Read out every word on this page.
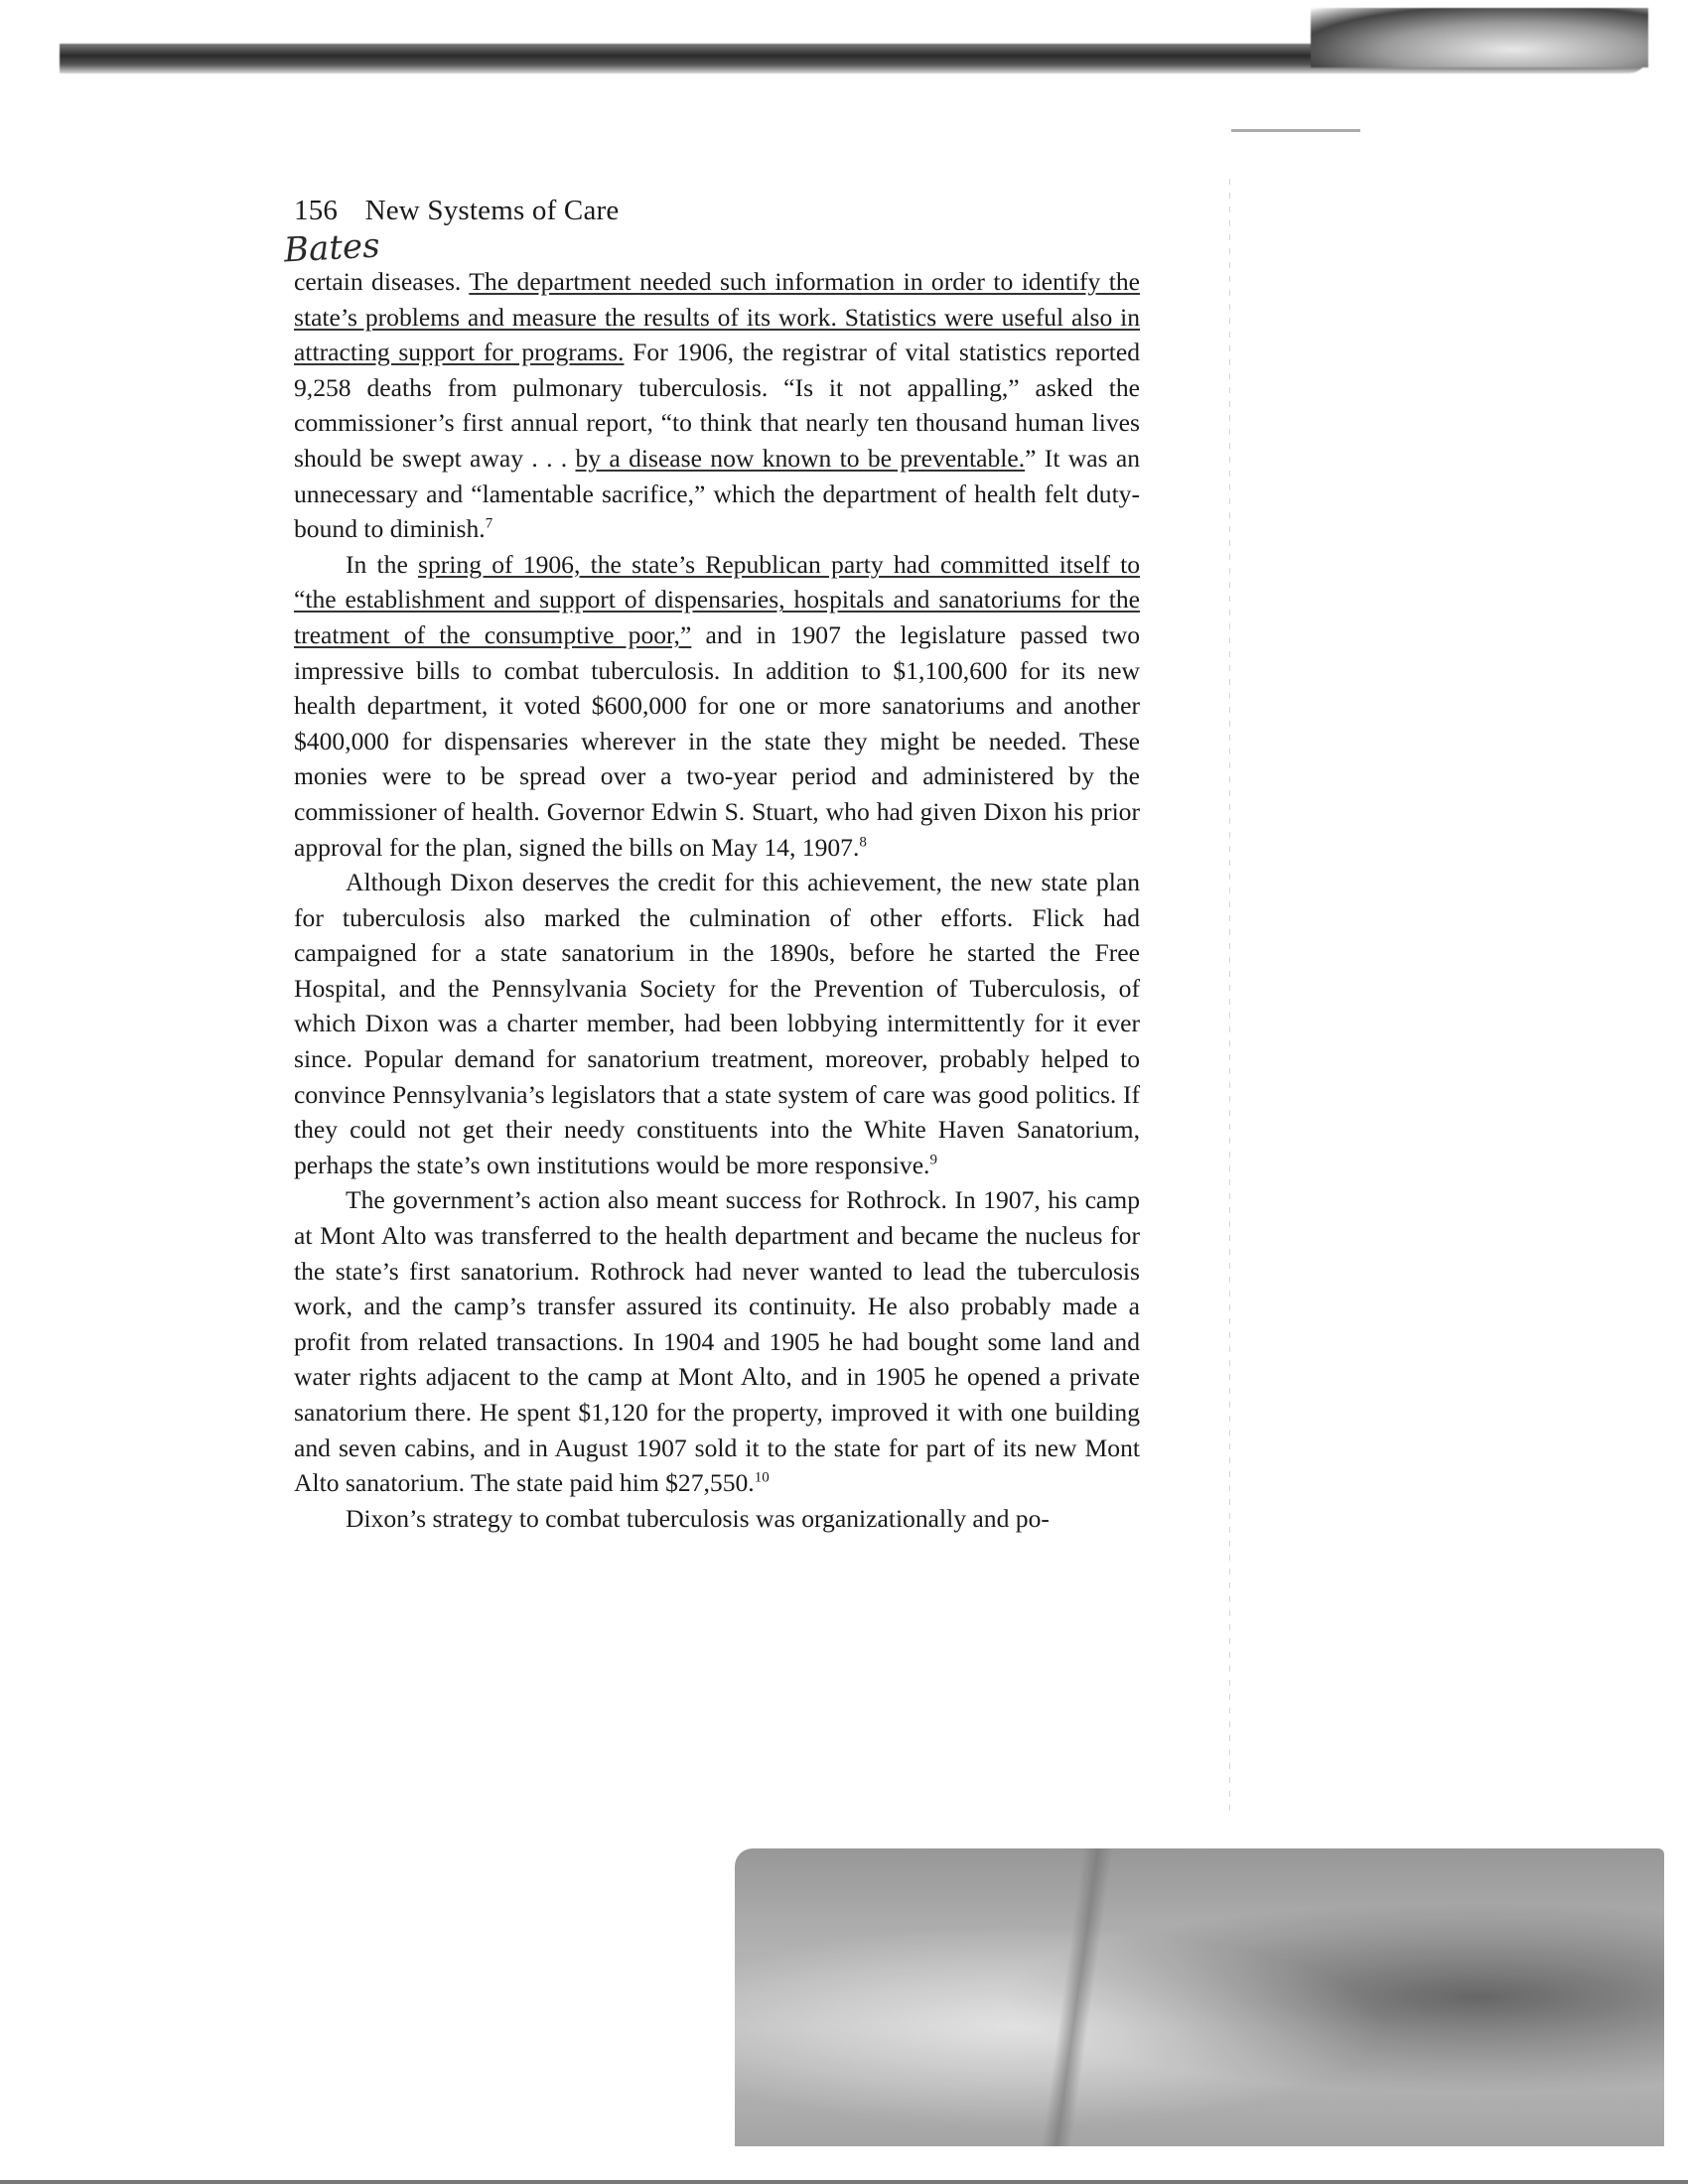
156 New Systems of Care
Bates

certain diseases. The department needed such information in order to identify the state’s problems and measure the results of its work. Statistics were useful also in attracting support for programs. For 1906, the registrar of vital statistics reported 9,258 deaths from pulmonary tuberculosis. “Is it not appalling,” asked the commissioner’s first annual report, “to think that nearly ten thousand human lives should be swept away . . . by a disease now known to be preventable.” It was an unnecessary and “lamentable sacrifice,” which the department of health felt duty-bound to diminish.$^7$

In the spring of 1906, the state’s Republican party had committed itself to “the establishment and support of dispensaries, hospitals and sanatoriums for the treatment of the consumptive poor,” and in 1907 the legislature passed two impressive bills to combat tuberculosis. In addition to $1,100,600 for its new health department, it voted $600,000 for one or more sanatoriums and another $400,000 for dispensaries wherever in the state they might be needed. These monies were to be spread over a two-year period and administered by the commissioner of health. Governor Edwin S. Stuart, who had given Dixon his prior approval for the plan, signed the bills on May 14, 1907.$^8$

Although Dixon deserves the credit for this achievement, the new state plan for tuberculosis also marked the culmination of other efforts. Flick had campaigned for a state sanatorium in the 1890s, before he started the Free Hospital, and the Pennsylvania Society for the Prevention of Tuberculosis, of which Dixon was a charter member, had been lobbying intermittently for it ever since. Popular demand for sanatorium treatment, moreover, probably helped to convince Pennsylvania’s legislators that a state system of care was good politics. If they could not get their needy constituents into the White Haven Sanatorium, perhaps the state’s own institutions would be more responsive.$^9$

The government’s action also meant success for Rothrock. In 1907, his camp at Mont Alto was transferred to the health department and became the nucleus for the state’s first sanatorium. Rothrock had never wanted to lead the tuberculosis work, and the camp’s transfer assured its continuity. He also probably made a profit from related transactions. In 1904 and 1905 he had bought some land and water rights adjacent to the camp at Mont Alto, and in 1905 he opened a private sanatorium there. He spent $1,120 for the property, improved it with one building and seven cabins, and in August 1907 sold it to the state for part of its new Mont Alto sanatorium. The state paid him $27,550.10

Dixon’s strategy to combat tuberculosis was organizationally and po-
